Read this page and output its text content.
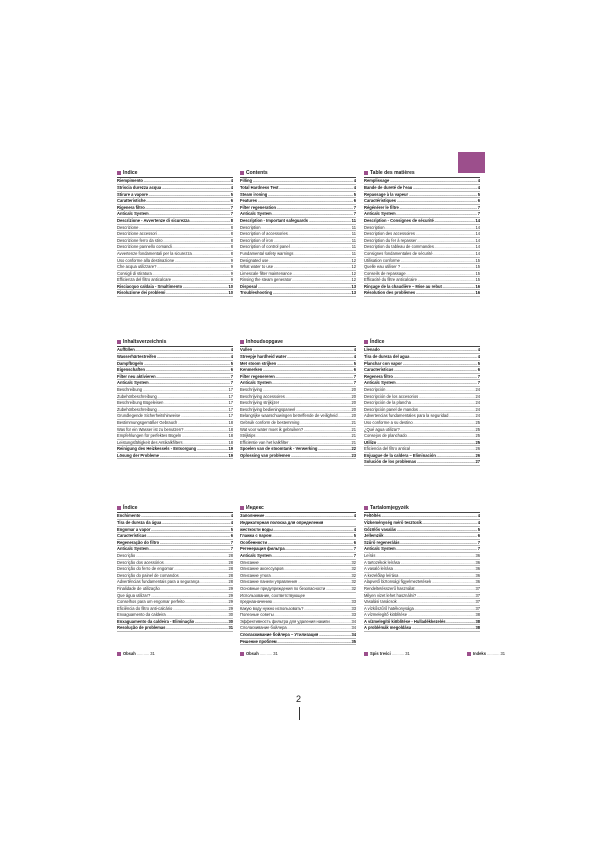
Indice
Riempimento .....	4
Striscia durezza acqua .....	4
Stirare a vapore .....	5
Caratteristiche .....	6
Rigenera filtro .....	7
Anticalc System .....	7
Descrizione - Avvertenze di sicurezza .....	8
Descrizione .....	8
Descrizione accessori .....	8
Descrizione ferro da stiro .....	8
Descrizione pannello comandi .....	8
Avvertenze fondamentali per la sicurezza .....	8
Uso conforme alla destinazione .....	9
Che acqua utilizzare? .....	9
Consigli di stiratura .....	9
Efficienza del filtro anticalcare .....	9
Risciacquo caldaia - Smaltimento .....	10
Risoluzione dei problemi .....	10
Contents
Filling .....	4
Total Hardness Test .....	4
Steam ironing .....	5
Features .....	6
Filter regeneration .....	7
Anticalc System .....	7
Description - Important safeguards .....	11
Description .....	11
Description of accessories .....	11
Description of iron .....	11
Description of control panel .....	11
Fundamental safety warnings .....	11
Designated use .....	12
What water to use .....	12
Limescale filter maintenance .....	12
Rinsing the steam generator .....	12
Disposal .....	13
Troubleshooting .....	13
Table des matières
Remplissage .....	4
Bande de dureté de l'eau .....	4
Repassage à la vapeur .....	5
Caractéristiques .....	6
Régénérer le filtre .....	7
Anticalc System .....	7
Description - Consignes de sécurité .....	14
Description .....	14
Description des accessoires .....	14
Description du fer à repasser .....	14
Description du tableau de commandes .....	14
Consignes fondamentales de sécurité .....	14
Utilisation conforme .....	15
Quelle eau utiliser ? .....	15
Conseils de repassage .....	15
Efficacité du filtre anticalcaire .....	15
Rinçage de la chaudière – Mise au rebut .....	16
Résolution des problèmes .....	16
Inhaltsverzeichnis
Auffüllen .....	4
Wasserhärtestreifen .....	4
Dampfbügeln .....	5
Eigenschaften .....	6
Filter neu aktivieren .....	7
Anticalc System .....	7
Beschreibung .....	17
Zubehörbeschreibung .....	17
Beschreibung Bügeleisen .....	17
Zubehörbeschreibung .....	17
Grundlegende Sicherheitshinweise .....	17
Bestimmungsgemäßer Gebrauch .....	18
Was für ein Wasser ist zu benutzen? .....	18
Empfehlungen für perfektes Bügeln .....	18
Leistungsfähigkeit des Antikalkfilters .....	18
Reinigung des Heizkessels - Entsorgung .....	19
Lösung der Probleme .....	19
Inhoudsopgave
Vullen .....	4
Streepje hardheid water .....	4
Met stoom strijken .....	5
Kenmerken .....	6
Filter regenereren .....	7
Anticalc System .....	7
Beschrijving .....	20
Beschrijving accessoires .....	20
Beschrijving strijkijzer .....	20
Beschrijving bedieningspaneel .....	20
Belangrijke waarschuwingen betreffende de veiligheid .....	20
Gebruik conform de bestemming .....	21
Wat voor water moet ik gebruiken? .....	21
Strijktips .....	21
Efficiëntie van het kalkfilter .....	21
Spoelen van de stoomtank - Verwerking .....	22
Oplossing van problemen .....	23
Índice
Llenado .....	4
Tira de dureza del agua .....	4
Planchar con vapor .....	5
Características .....	6
Regenera filtro .....	7
Anticalc System .....	7
Descripción .....	24
Descripción de los accesorios .....	24
Descripción de la plancha .....	24
Descripción panel de mandos .....	24
Advertencias fundamentales para la seguridad .....	24
Uso conforme a su destino .....	25
¿Qué agua utilizar? .....	25
Consejos de planchado .....	25
Utilizo .....	25
Eficiencia del filtro antical .....	26
Enjuague de la caldera – Eliminación .....	26
Solución de los problemas .....	27
Índice
Enchimento .....	4
Tira de dureza da água .....	4
Engomar a vapor .....	5
Características .....	6
Regeneração do filtro .....	7
Anticalc System .....	7
Descrição .....	28
Descrição dos acessórios .....	28
Descrição do ferro de engomar .....	28
Descrição do painel de comandos .....	28
Advertências fundamentais para a segurança .....	28
Finalidade de utilização .....	29
Que água utilizar? .....	29
Conselhos para um engomar perfeito .....	29
Eficiência do filtro anti-calcário .....	29
Enxaguamento da caldeira .....	30
Enxaguamento da caldeira - Eliminação .....	30
Resolução de problemas .....	31
Индекс
Заполнение .....	4
Индикаторная полоска для определения
жесткости воды .....	4
Глажка с паром .....	5
Особенности .....	6
Регенерация фильтра .....	7
Anticalc System .....	7
Описание .....	32
Описание аксессуаров .....	32
Описание утюга .....	32
Описание панели управления .....	32
Основные предупреждения по безопасности .....	32
Использование, соответствующее
предназначению .....	33
Какую воду нужно использовать? .....	33
Полезные советы .....	33
Эффективность фильтра для удаления накипи .....	34
Споласкивание бойлера .....	34
Споласкивание бойлера – Утилизация .....	34
Решение проблем .....	35
Tartalomjegyzék
Feltöltés .....	4
Vízkeménység mérő tesztcsík .....	4
Gőzölős vasalás .....	5
Jellemzők .....	6
Szűrő regenerálás .....	7
Anticalc System .....	7
Leírás .....	36
A tartozékok leírása .....	36
A vasaló leírása .....	36
A kezelőlap leírása .....	36
Alapvető biztonsági figyelmeztetések .....	36
Rendeltetésszerű használat .....	37
Milyen vizet lehet használni? .....	37
Vasalási tanácsok .....	37
A vízkőszűrő hatékonysága .....	37
A vízmelegítő kiöblítése .....	38
A vízmelegítő kiöblítése - Hulladékkezelés .....	38
A problémák megoldása .....	38
Obsah ........... 31	Obsah ........... 31	Spis treści ........... 31	Indeks ........... 31
2
